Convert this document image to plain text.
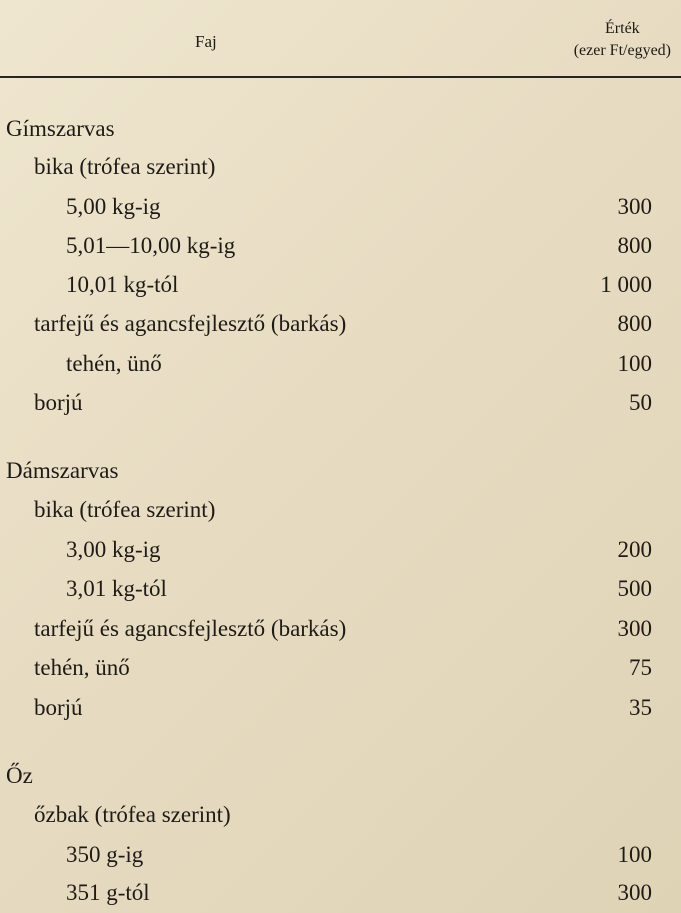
Faj
Érték
(ezer Ft/egyed)
Gímszarvas
bika (trófea szerint)
5,00 kg-ig	300
5,01—10,00 kg-ig	800
10,01 kg-tól	1 000
tarfejű és agancsfejlesztő (barkás)	800
tehén, ünő	100
borjú	50
Dámszarvas
bika (trófea szerint)
3,00 kg-ig	200
3,01 kg-tól	500
tarfejű és agancsfejlesztő (barkás)	300
tehén, ünő	75
borjú	35
Őz
őzbak (trófea szerint)
350 g-ig	100
351 g-tól	300
